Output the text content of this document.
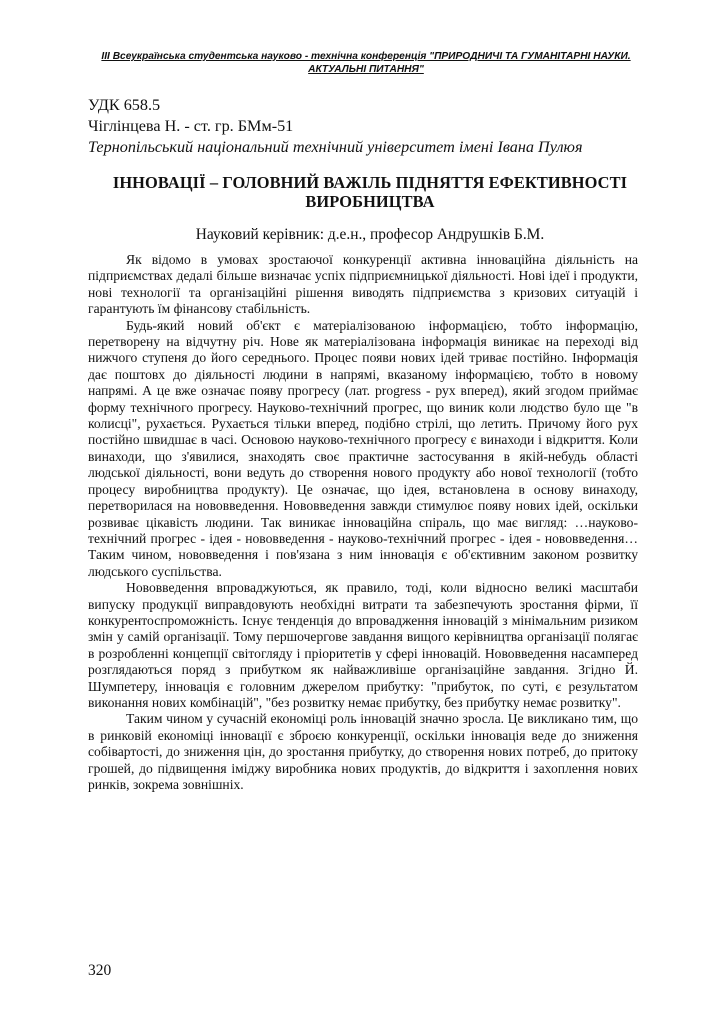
III Всеукраїнська студентська науково - технічна конференція "ПРИРОДНИЧІ ТА ГУМАНІТАРНІ НАУКИ.
АКТУАЛЬНІ ПИТАННЯ"
УДК 658.5
Чіглінцева Н. - ст. гр. БМм-51
Тернопільський національний технічний університет імені Івана Пулюя
ІННОВАЦІЇ – ГОЛОВНИЙ ВАЖІЛЬ ПІДНЯТТЯ ЕФЕКТИВНОСТІ
ВИРОБНИЦТВА
Науковий керівник: д.е.н., професор Андрушків Б.М.

Як відомо в умовах зростаючої конкуренції активна інноваційна діяльність на підприємствах дедалі більше визначає успіх підприємницької діяльності. Нові ідеї і продукти, нові технології та організаційні рішення виводять підприємства з кризових ситуацій і гарантують їм фінансову стабільність.

Будь-який новий об'єкт є матеріалізованою інформацією, тобто інформацію, перетворену на відчутну річ. Нове як матеріалізована інформація виникає на переході від нижчого ступеня до його середнього. Процес появи нових ідей триває постійно. Інформація дає поштовх до діяльності людини в напрямі, вказаному інформацією, тобто в новому напрямі. А це вже означає появу прогресу (лат. progress - рух вперед), який згодом приймає форму технічного прогресу. Науково-технічний прогрес, що виник коли людство було ще "в колисці", рухається. Рухається тільки вперед, подібно стрілі, що летить. Причому його рух постійно швидшає в часі. Основою науково-технічного прогресу є винаходи і відкриття. Коли винаходи, що з'явилися, знаходять своє практичне застосування в якій-небудь області людської діяльності, вони ведуть до створення нового продукту або нової технології (тобто процесу виробництва продукту). Це означає, що ідея, встановлена в основу винаходу, перетворилася на нововведення. Нововведення завжди стимулює появу нових ідей, оскільки розвиває цікавість людини. Так виникає інноваційна спіраль, що має вигляд: …науково-технічний прогрес - ідея - нововведення - науково-технічний прогрес - ідея - нововведення… Таким чином, нововведення і пов'язана з ним інновація є об'єктивним законом розвитку людського суспільства.

Нововведення впроваджуються, як правило, тоді, коли відносно великі масштаби випуску продукції виправдовують необхідні витрати та забезпечують зростання фірми, її конкурентоспроможність. Існує тенденція до впровадження інновацій з мінімальним ризиком змін у самій організації. Тому першочергове завдання вищого керівництва організації полягає в розробленні концепції світогляду і пріоритетів у сфері інновацій. Нововведення насамперед розглядаються поряд з прибутком як найважливіше організаційне завдання. Згідно Й. Шумпетеру, інновація є головним джерелом прибутку: "прибуток, по суті, є результатом виконання нових комбінацій", "без розвитку немає прибутку, без прибутку немає розвитку".

Таким чином у сучасній економіці роль інновацій значно зросла. Це викликано тим, що в ринковій економіці інновації є зброєю конкуренції, оскільки інновація веде до зниження собівартості, до зниження цін, до зростання прибутку, до створення нових потреб, до притоку грошей, до підвищення іміджу виробника нових продуктів, до відкриття і захоплення нових ринків, зокрема зовнішніх.

320
